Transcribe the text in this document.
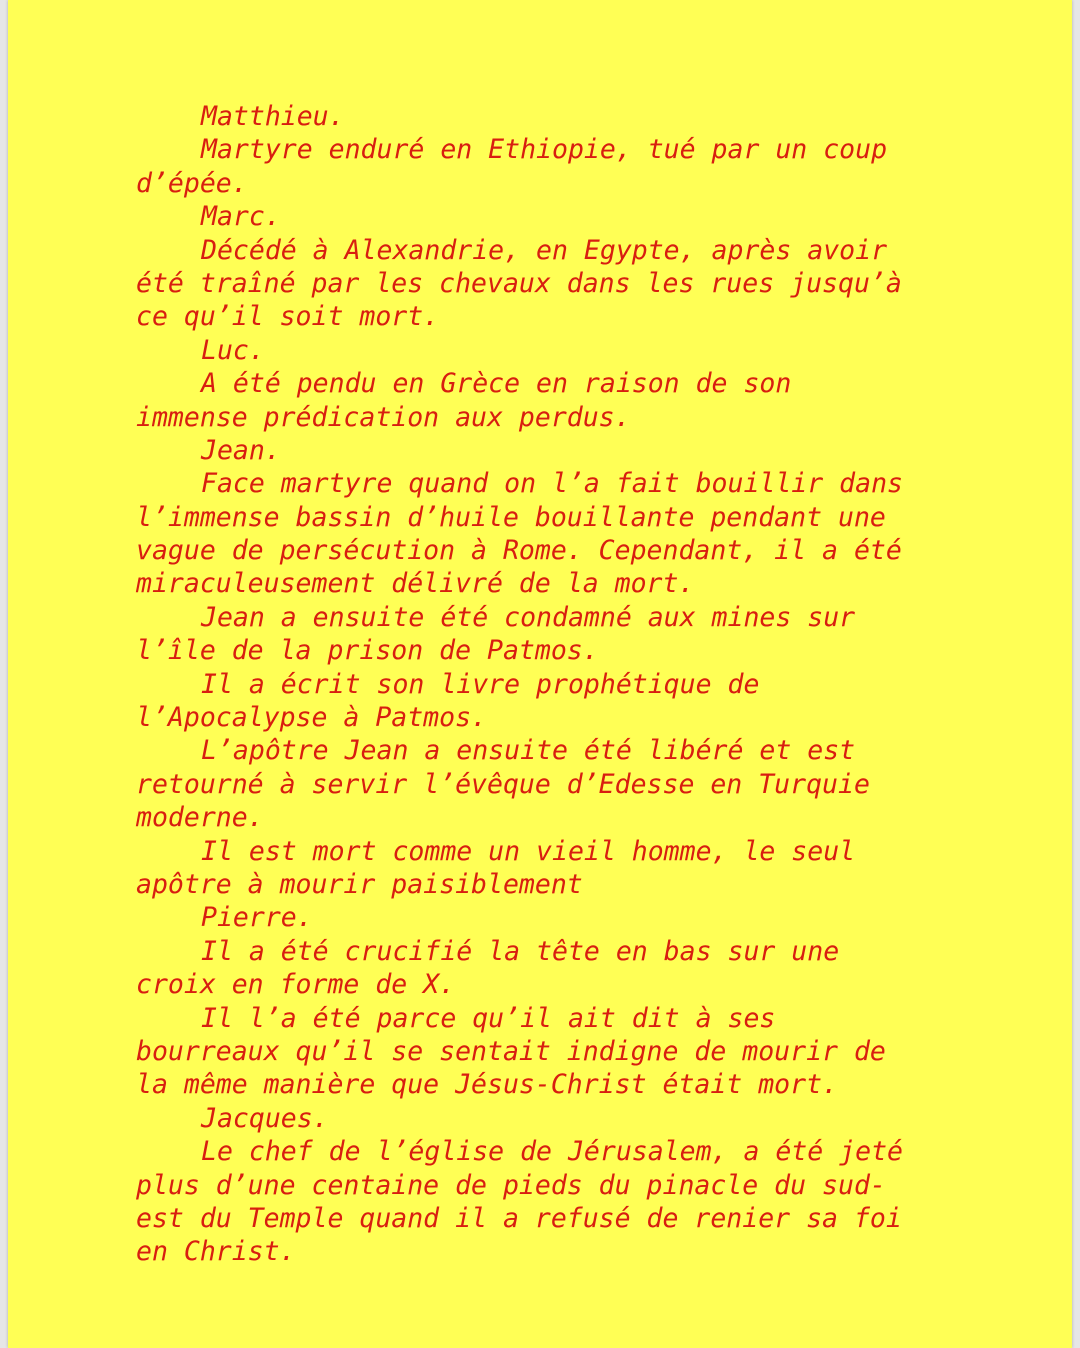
Matthieu.
Martyre enduré en Ethiopie, tué par un coup
d’épée.
Marc.
Décédé à Alexandrie, en Egypte, après avoir
été traîné par les chevaux dans les rues jusqu’à
ce qu’il soit mort.
Luc.
A été pendu en Grèce en raison de son
immense prédication aux perdus.
Jean.
Face martyre quand on l’a fait bouillir dans
l’immense bassin d’huile bouillante pendant une
vague de persécution à Rome. Cependant, il a été
miraculeusement délivré de la mort.
Jean a ensuite été condamné aux mines sur
l’île de la prison de Patmos.
Il a écrit son livre prophétique de
l’Apocalypse à Patmos.
L’apôtre Jean a ensuite été libéré et est
retourné à servir l’évêque d’Edesse en Turquie
moderne.
Il est mort comme un vieil homme, le seul
apôtre à mourir paisiblement
Pierre.
Il a été crucifié la tête en bas sur une
croix en forme de X.
Il l’a été parce qu’il ait dit à ses
bourreaux qu’il se sentait indigne de mourir de
la même manière que Jésus-Christ était mort.
Jacques.
Le chef de l’église de Jérusalem, a été jeté
plus d’une centaine de pieds du pinacle du sud-
est du Temple quand il a refusé de renier sa foi
en Christ.
